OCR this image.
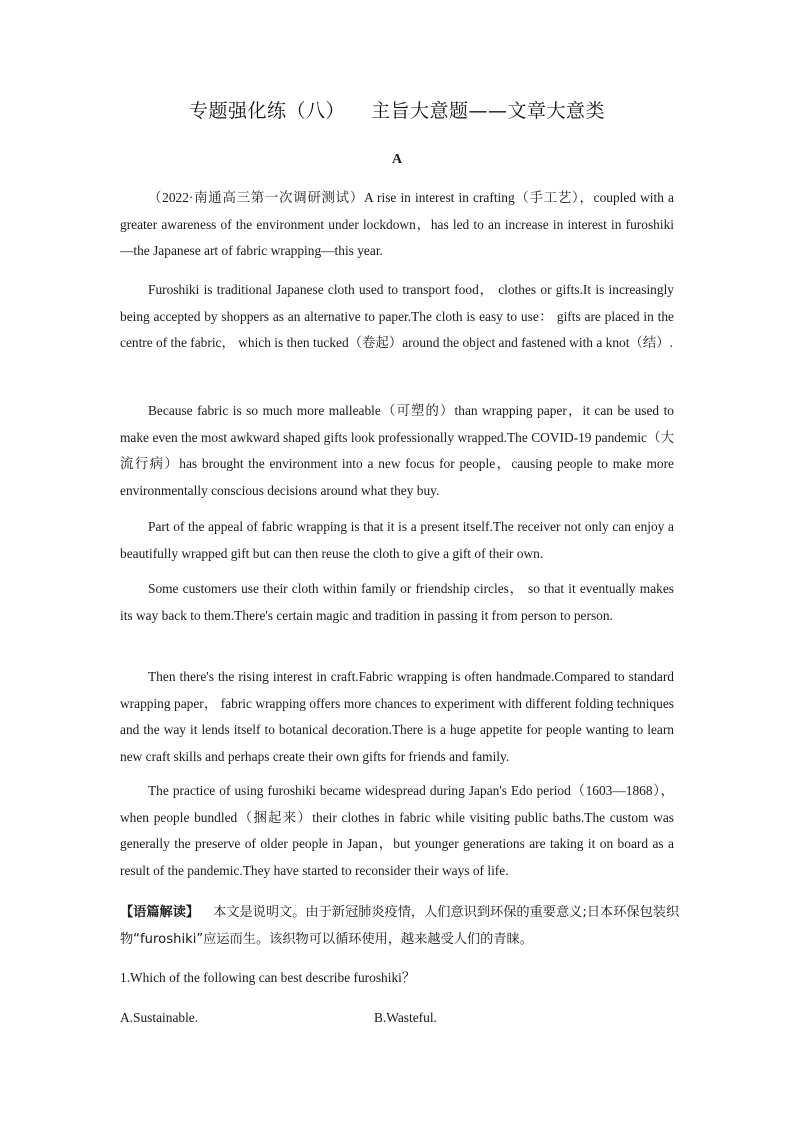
专题强化练（八） 主旨大意题——文章大意类
A

（2022·南通高三第一次调研测试）A rise in interest in crafting（手工艺），coupled with a greater awareness of the environment under lockdown，has led to an increase in interest in furoshiki—the Japanese art of fabric wrapping—this year.

Furoshiki is traditional Japanese cloth used to transport food， clothes or gifts.It is increasingly being accepted by shoppers as an alternative to paper.The cloth is easy to use： gifts are placed in the centre of the fabric， which is then tucked（卷起）around the object and fastened with a knot（结）.

Because fabric is so much more malleable（可塑的）than wrapping paper，it can be used to make even the most awkward shaped gifts look professionally wrapped.The COVID-19 pandemic（大流行病）has brought the environment into a new focus for people，causing people to make more environmentally conscious decisions around what they buy.

Part of the appeal of fabric wrapping is that it is a present itself.The receiver not only can enjoy a beautifully wrapped gift but can then reuse the cloth to give a gift of their own.

Some customers use their cloth within family or friendship circles， so that it eventually makes its way back to them.There's certain magic and tradition in passing it from person to person.

Then there's the rising interest in craft.Fabric wrapping is often handmade.Compared to standard wrapping paper， fabric wrapping offers more chances to experiment with different folding techniques and the way it lends itself to botanical decoration.There is a huge appetite for people wanting to learn new craft skills and perhaps create their own gifts for friends and family.

The practice of using furoshiki became widespread during Japan's Edo period（1603—1868），when people bundled（捆起来）their clothes in fabric while visiting public baths.The custom was generally the preserve of older people in Japan，but younger generations are taking it on board as a result of the pandemic.They have started to reconsider their ways of life.

【语篇解读】 本文是说明文。由于新冠肺炎疫情，人们意识到环保的重要意义;日本环保包装织物“furoshiki”应运而生。该织物可以循环使用，越来越受人们的青睐。

1.Which of the following can best describe furoshiki？
A.Sustainable.	B.Wasteful.
